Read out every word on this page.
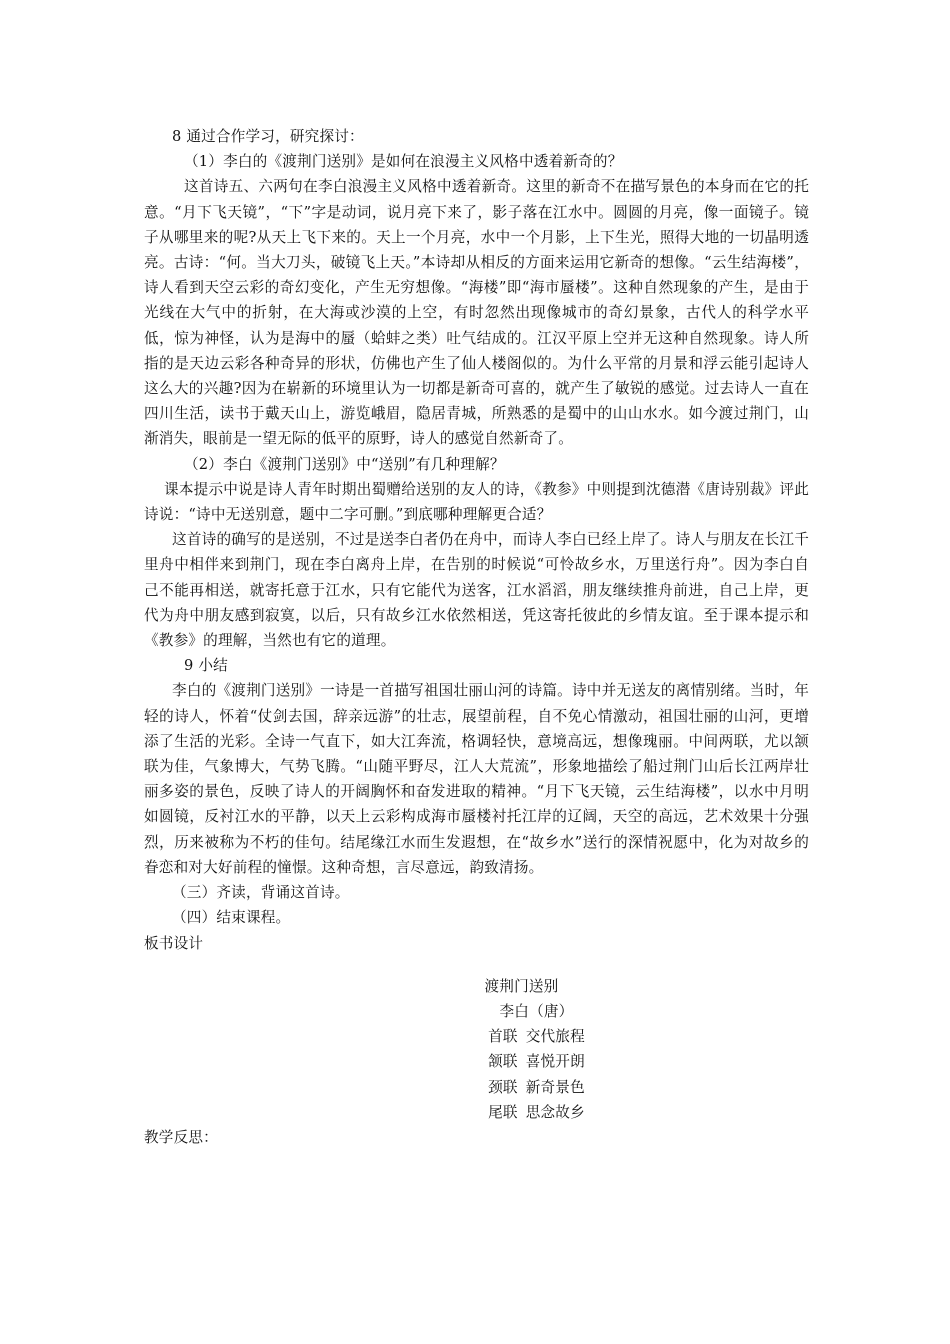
8 通过合作学习，研究探讨：

（1）李白的《渡荆门送别》是如何在浪漫主义风格中透着新奇的？

这首诗五、六两句在李白浪漫主义风格中透着新奇。这里的新奇不在描写景色的本身而在它的托意。“月下飞天镜”，“下”字是动词，说月亮下来了，影子落在江水中。圆圆的月亮，像一面镜子。镜子从哪里来的呢?从天上飞下来的。天上一个月亮，水中一个月影，上下生光，照得大地的一切晶明透亮。古诗：“何。当大刀头，破镜飞上天。”本诗却从相反的方面来运用它新奇的想像。“云生结海楼”，诗人看到天空云彩的奇幻变化，产生无穷想像。“海楼”即“海市蜃楼”。这种自然现象的产生，是由于光线在大气中的折射，在大海或沙漠的上空，有时忽然出现像城市的奇幻景象，古代人的科学水平低，惊为神怪，认为是海中的蜃（蛤蚌之类）吐气结成的。江汉平原上空并无这种自然现象。诗人所指的是天边云彩各种奇异的形状，仿佛也产生了仙人楼阁似的。为什么平常的月景和浮云能引起诗人这么大的兴趣?因为在崭新的环境里认为一切都是新奇可喜的，就产生了敏锐的感觉。过去诗人一直在四川生活，读书于戴天山上，游览峨眉，隐居青城，所熟悉的是蜀中的山山水水。如今渡过荆门，山渐消失，眼前是一望无际的低平的原野，诗人的感觉自然新奇了。

（2）李白《渡荆门送别》中“送别”有几种理解？

课本提示中说是诗人青年时期出蜀赠给送别的友人的诗，《教参》中则提到沈德潜《唐诗别裁》评此诗说：“诗中无送别意，题中二字可删。”到底哪种理解更合适？

这首诗的确写的是送别，不过是送李白者仍在舟中，而诗人李白已经上岸了。诗人与朋友在长江千里舟中相伴来到荆门，现在李白离舟上岸，在告别的时候说“可怜故乡水，万里送行舟”。因为李白自己不能再相送，就寄托意于江水，只有它能代为送客，江水滔滔，朋友继续推舟前进，自己上岸，更代为舟中朋友感到寂寞，以后，只有故乡江水依然相送，凭这寄托彼此的乡情友谊。至于课本提示和《教参》的理解，当然也有它的道理。

9 小结

李白的《渡荆门送别》一诗是一首描写祖国壮丽山河的诗篇。诗中并无送友的离情别绪。当时，年轻的诗人，怀着“仗剑去国，辞亲远游”的壮志，展望前程，自不免心情激动，祖国壮丽的山河，更增添了生活的光彩。全诗一气直下，如大江奔流，格调轻快，意境高远，想像瑰丽。中间两联，尤以颔联为佳，气象博大，气势飞腾。“山随平野尽，江人大荒流”，形象地描绘了船过荆门山后长江两岸壮丽多姿的景色，反映了诗人的开阔胸怀和奋发进取的精神。“月下飞天镜，云生结海楼”，以水中月明如圆镜，反衬江水的平静，以天上云彩构成海市蜃楼衬托江岸的辽阔，天空的高远，艺术效果十分强烈，历来被称为不朽的佳句。结尾缘江水而生发遐想，在“故乡水”送行的深情祝愿中，化为对故乡的眷恋和对大好前程的憧憬。这种奇想，言尽意远，韵致清扬。

（三）齐读，背诵这首诗。

（四）结束课程。

板书设计

渡荆门送别

李白（唐）

首联 交代旅程

颔联 喜悦开朗

颈联 新奇景色

尾联 思念故乡

教学反思：
